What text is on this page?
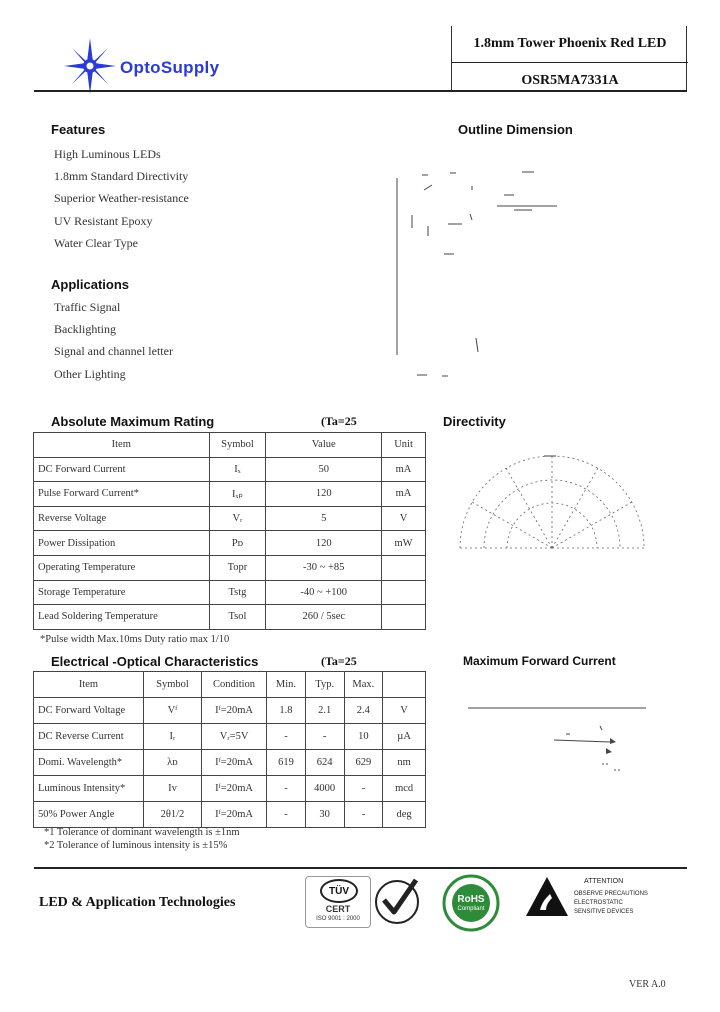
OptoSupply
1.8mm Tower Phoenix Red LED
OSR5MA7331A
Features
High Luminous LEDs
1.8mm Standard Directivity
Superior Weather-resistance
UV Resistant Epoxy
Water Clear Type
Applications
Traffic Signal
Backlighting
Signal and channel letter
Other Lighting
Outline Dimension
Absolute Maximum Rating	(Ta=25
Item	Symbol	Value	Unit
DC Forward Current	Iₓ	50	mA
Pulse Forward Current*	Iₓₚ	120	mA
Reverse Voltage	Vᵣ	5	V
Power Dissipation	Pᴅ	120	mW
Operating Temperature	Topr	-30 ~ +85	
Storage Temperature	Tstg	-40 ~ +100	
Lead Soldering Temperature	Tsol	260 / 5sec	
*Pulse width Max.10ms Duty ratio max 1/10
Directivity
Electrical -Optical Characteristics	(Ta=25
Item	Symbol	Condition	Min.	Typ.	Max.	
DC Forward Voltage	Vᶠ	Iᶠ=20mA	1.8	2.1	2.4	V
DC Reverse Current	Iᵣ	Vᵣ=5V	-	-	10	µA
Domi. Wavelength*	λᴅ	Iᶠ=20mA	619	624	629	nm
Luminous Intensity*	Iv	Iᶠ=20mA	-	4000	-	mcd
50% Power Angle	2θ1/2	Iᶠ=20mA	-	30	-	deg
*1 Tolerance of dominant wavelength is ±1nm
*2 Tolerance of luminous intensity is ±15%
Maximum Forward Current
LED & Application Technologies
TÜV
CERT
ISO 9001 : 2000
RoHS
Compliant
ATTENTION
OBSERVE PRECAUTIONS
ELECTROSTATIC
SENSITIVE DEVICES
VER A.0
